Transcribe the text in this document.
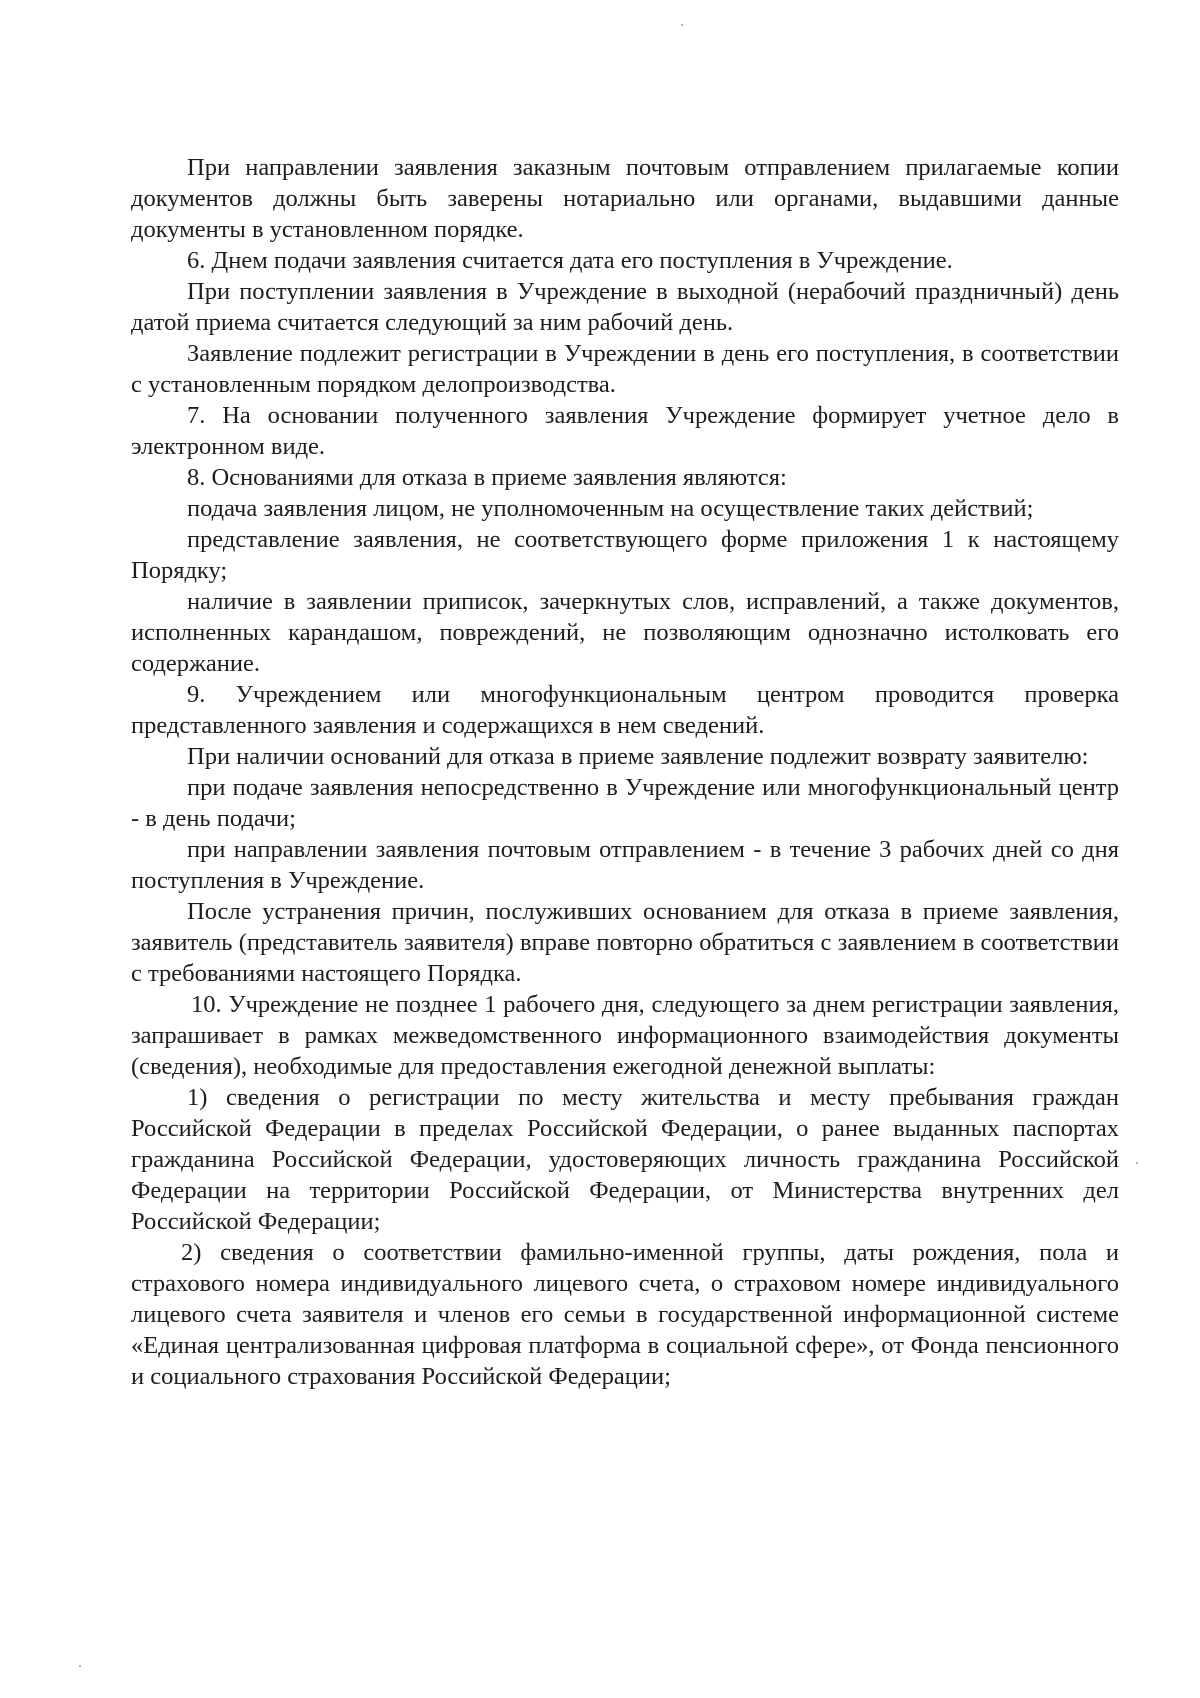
При направлении заявления заказным почтовым отправлением прилагаемые копии документов должны быть заверены нотариально или органами, выдавшими данные документы в установленном порядке.

6. Днем подачи заявления считается дата его поступления в Учреждение.

При поступлении заявления в Учреждение в выходной (нерабочий праздничный) день датой приема считается следующий за ним рабочий день.

Заявление подлежит регистрации в Учреждении в день его поступления, в соответствии с установленным порядком делопроизводства.

7. На основании полученного заявления Учреждение формирует учетное дело в электронном виде.

8. Основаниями для отказа в приеме заявления являются:

подача заявления лицом, не уполномоченным на осуществление таких действий;

представление заявления, не соответствующего форме приложения 1 к настоящему Порядку;

наличие в заявлении приписок, зачеркнутых слов, исправлений, а также документов, исполненных карандашом, повреждений, не позволяющим однозначно истолковать его содержание.

9. Учреждением или многофункциональным центром проводится проверка представленного заявления и содержащихся в нем сведений.

При наличии оснований для отказа в приеме заявление подлежит возврату заявителю:

при подаче заявления непосредственно в Учреждение или многофункциональный центр - в день подачи;

при направлении заявления почтовым отправлением - в течение 3 рабочих дней со дня поступления в Учреждение.

После устранения причин, послуживших основанием для отказа в приеме заявления, заявитель (представитель заявителя) вправе повторно обратиться с заявлением в соответствии с требованиями настоящего Порядка.

10. Учреждение не позднее 1 рабочего дня, следующего за днем регистрации заявления, запрашивает в рамках межведомственного информационного взаимодействия документы (сведения), необходимые для предоставления ежегодной денежной выплаты:

1) сведения о регистрации по месту жительства и месту пребывания граждан Российской Федерации в пределах Российской Федерации, о ранее выданных паспортах гражданина Российской Федерации, удостоверяющих личность гражданина Российской Федерации на территории Российской Федерации, от Министерства внутренних дел Российской Федерации;

2) сведения о соответствии фамильно-именной группы, даты рождения, пола и страхового номера индивидуального лицевого счета, о страховом номере индивидуального лицевого счета заявителя и членов его семьи в государственной информационной системе «Единая централизованная цифровая платформа в социальной сфере», от Фонда пенсионного и социального страхования Российской Федерации;
